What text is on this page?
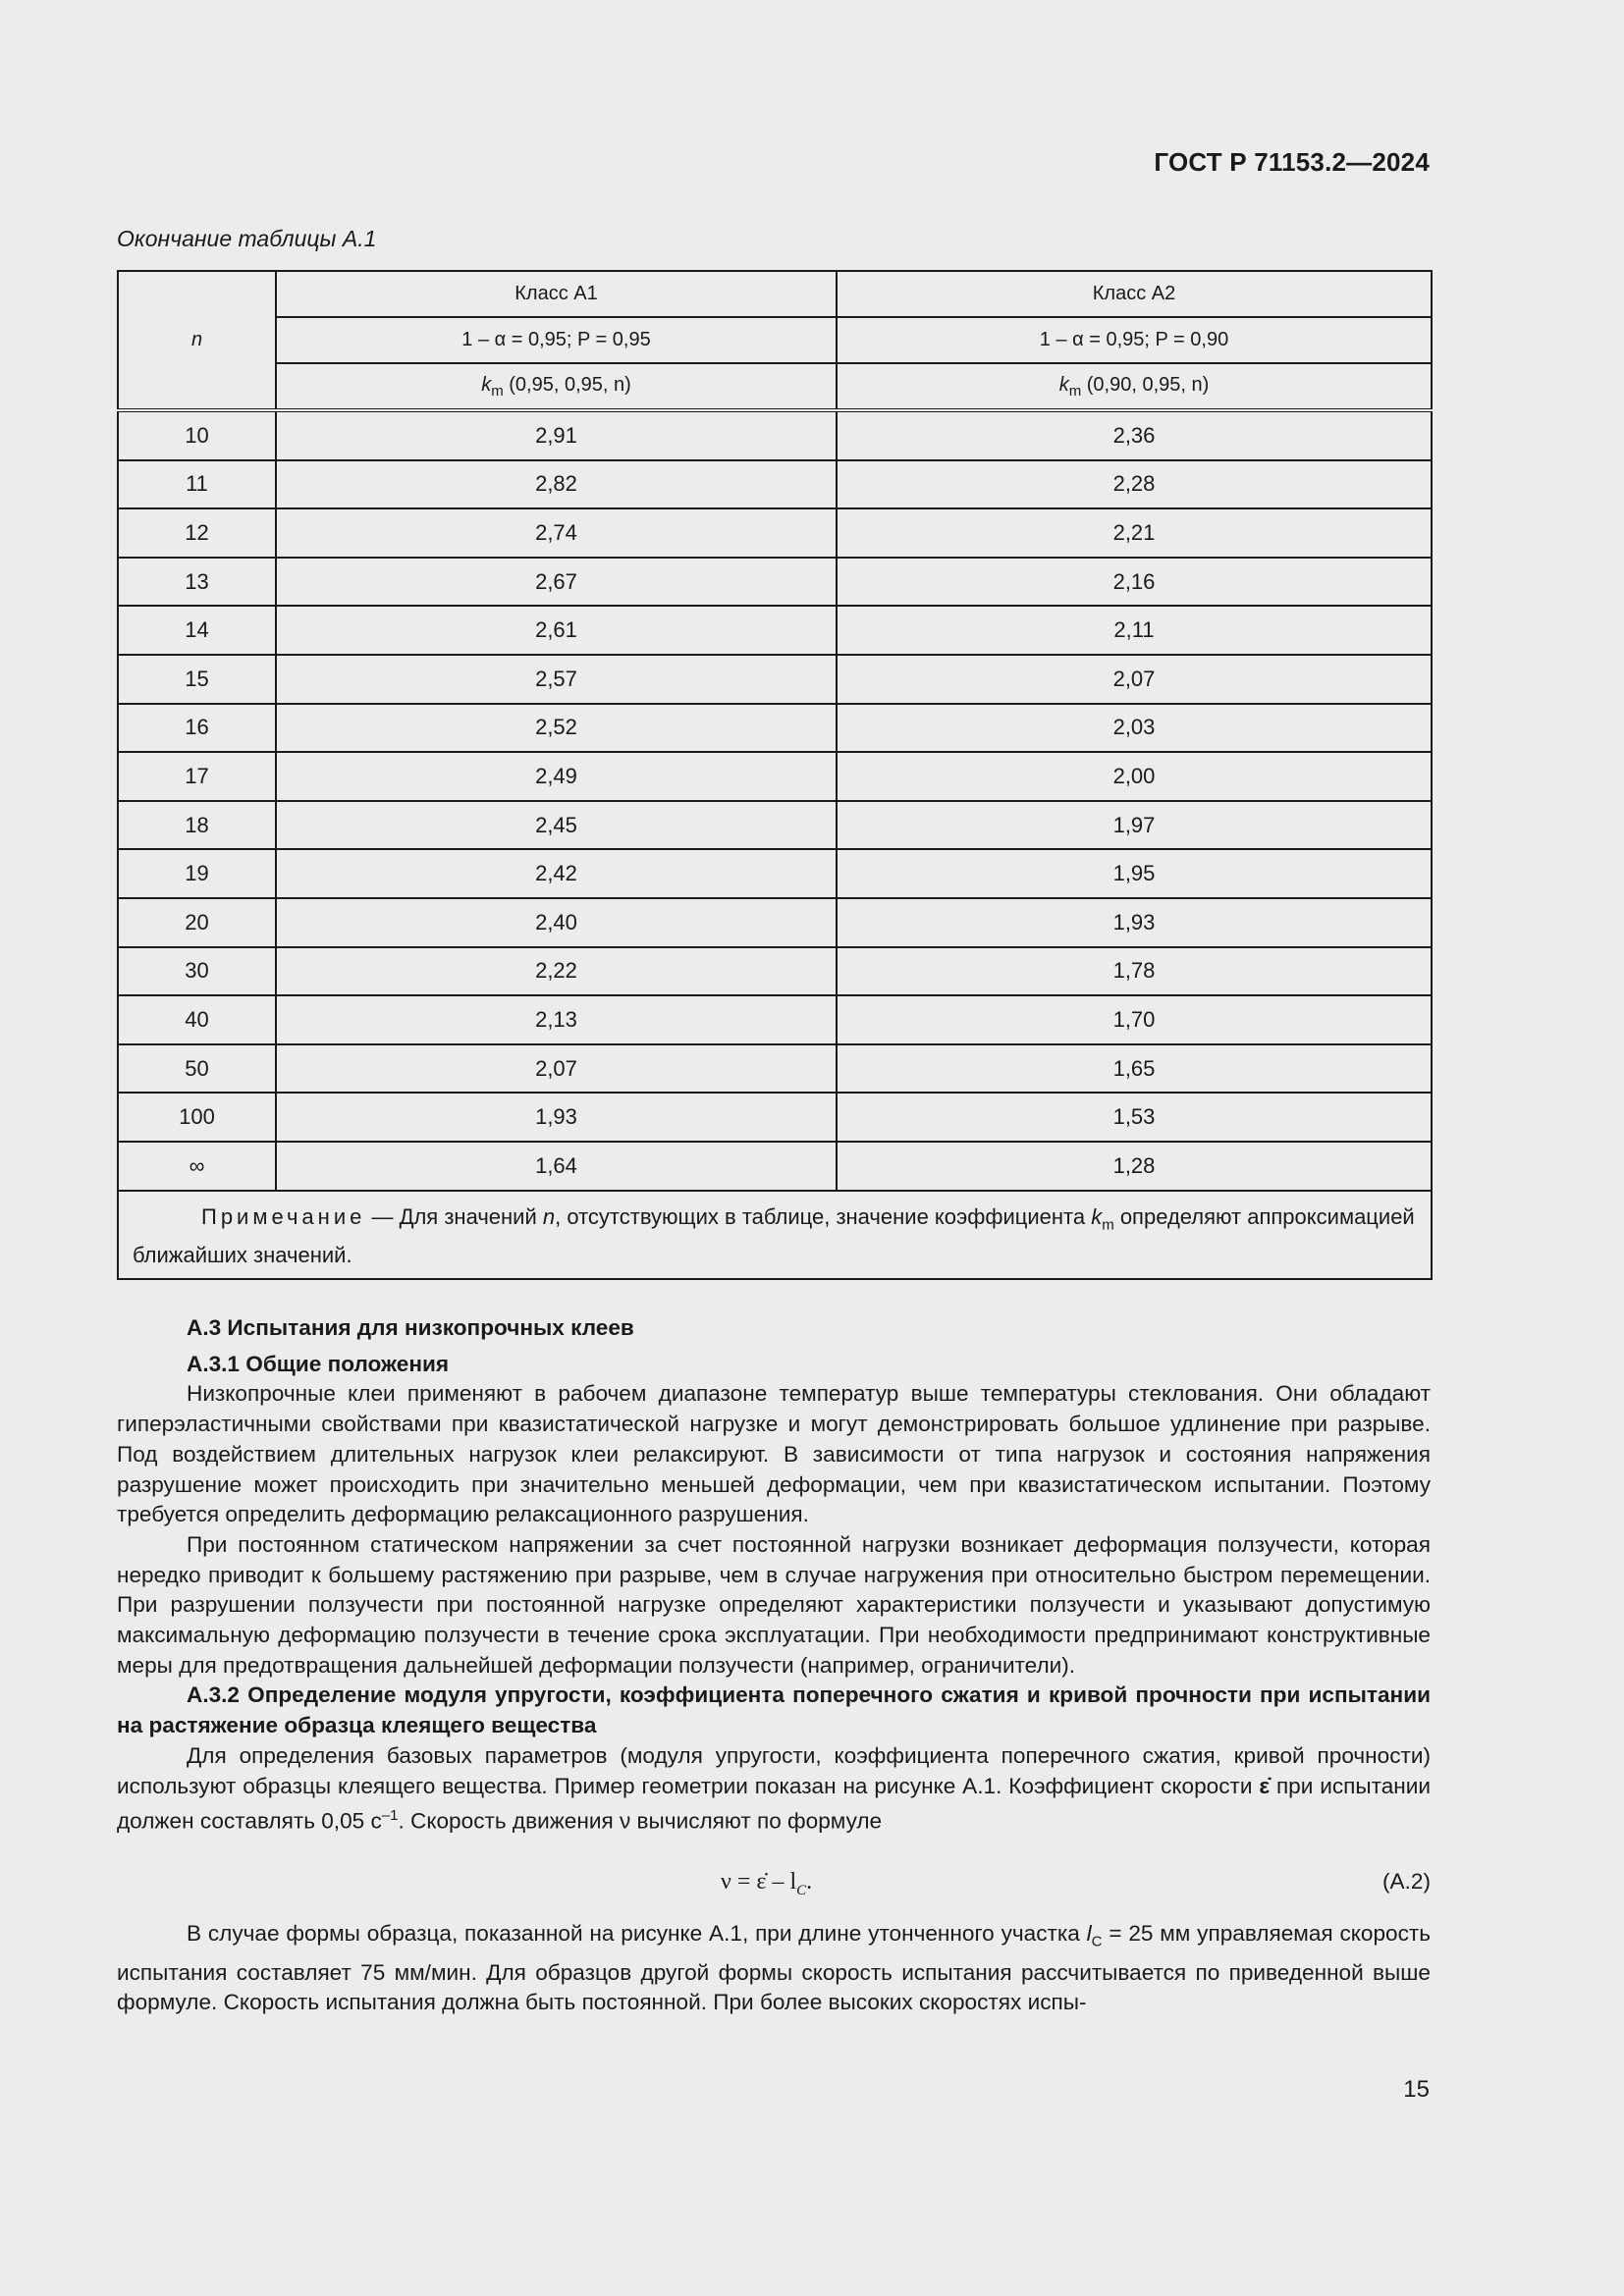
ГОСТ Р 71153.2—2024
Окончание таблицы А.1
n	Класс А1	Класс А2
	1 – α = 0,95; P = 0,95	1 – α = 0,95; P = 0,90
	$k_m$ (0,95, 0,95, n)	$k_m$ (0,90, 0,95, n)
10	2,91	2,36
11	2,82	2,28
12	2,74	2,21
13	2,67	2,16
14	2,61	2,11
15	2,57	2,07
16	2,52	2,03
17	2,49	2,00
18	2,45	1,97
19	2,42	1,95
20	2,40	1,93
30	2,22	1,78
40	2,13	1,70
50	2,07	1,65
100	1,93	1,53
∞	1,64	1,28
Примечание — Для значений n, отсутствующих в таблице, значение коэффициента $k_m$ определяют аппроксимацией ближайших значений.		
А.3 Испытания для низкопрочных клеев
А.3.1 Общие положения

Низкопрочные клеи применяют в рабочем диапазоне температур выше температуры стеклования. Они обладают гиперэластичными свойствами при квазистатической нагрузке и могут демонстрировать большое удлинение при разрыве. Под воздействием длительных нагрузок клеи релаксируют. В зависимости от типа нагрузок и состояния напряжения разрушение может происходить при значительно меньшей деформации, чем при квазистатическом испытании. Поэтому требуется определить деформацию релаксационного разрушения.

При постоянном статическом напряжении за счет постоянной нагрузки возникает деформация ползучести, которая нередко приводит к большему растяжению при разрыве, чем в случае нагружения при относительно быстром перемещении. При разрушении ползучести при постоянной нагрузке определяют характеристики ползучести и указывают допустимую максимальную деформацию ползучести в течение срока эксплуатации. При необходимости предпринимают конструктивные меры для предотвращения дальнейшей деформации ползучести (например, ограничители).

А.3.2 Определение модуля упругости, коэффициента поперечного сжатия и кривой прочности при испытании на растяжение образца клеящего вещества

Для определения базовых параметров (модуля упругости, коэффициента поперечного сжатия, кривой прочности) используют образцы клеящего вещества. Пример геометрии показан на рисунке А.1. Коэффициент скорости ε̇ при испытании должен составлять 0,05 $с^{-1}$. Скорость движения ν вычисляют по формуле

ν = ε̇ – $l_C$.	(А.2)

В случае формы образца, показанной на рисунке А.1, при длине утонченного участка $l_C = 25$ мм управляемая скорость испытания составляет 75 мм/мин. Для образцов другой формы скорость испытания рассчитывается по приведенной выше формуле. Скорость испытания должна быть постоянной. При более высоких скоростях испы-

15
